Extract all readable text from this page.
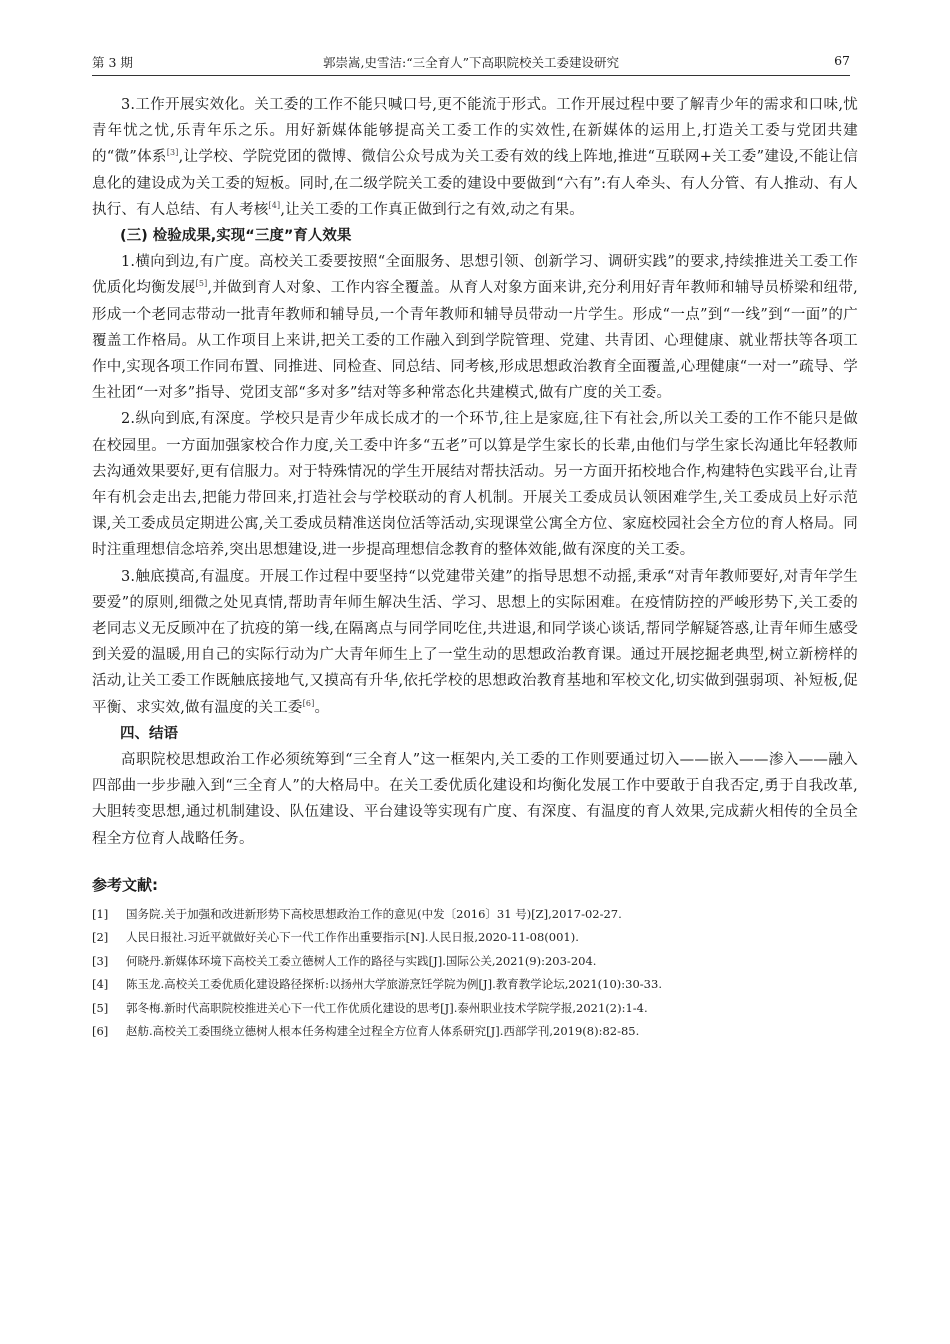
第 3 期	郭崇嵩,史雪洁:“三全育人”下高职院校关工委建设研究	67

3.工作开展实效化。关工委的工作不能只喊口号,更不能流于形式。工作开展过程中要了解青少年的需求和口味,忧青年忧之忧,乐青年乐之乐。用好新媒体能够提高关工委工作的实效性,在新媒体的运用上,打造关工委与党团共建的“微”体系[3],让学校、学院党团的微博、微信公众号成为关工委有效的线上阵地,推进“互联网+关工委”建设,不能让信息化的建设成为关工委的短板。同时,在二级学院关工委的建设中要做到“六有”:有人牵头、有人分管、有人推动、有人执行、有人总结、有人考核[4],让关工委的工作真正做到行之有效,动之有果。

(三) 检验成果,实现“三度”育人效果

1.横向到边,有广度。高校关工委要按照“全面服务、思想引领、创新学习、调研实践”的要求,持续推进关工委工作优质化均衡发展[5],并做到育人对象、工作内容全覆盖。从育人对象方面来讲,充分利用好青年教师和辅导员桥梁和纽带,形成一个老同志带动一批青年教师和辅导员,一个青年教师和辅导员带动一片学生。形成“一点”到“一线”到“一面”的广覆盖工作格局。从工作项目上来讲,把关工委的工作融入到到学院管理、党建、共青团、心理健康、就业帮扶等各项工作中,实现各项工作同布置、同推进、同检查、同总结、同考核,形成思想政治教育全面覆盖,心理健康“一对一”疏导、学生社团“一对多”指导、党团支部“多对多”结对等多种常态化共建模式,做有广度的关工委。

2.纵向到底,有深度。学校只是青少年成长成才的一个环节,往上是家庭,往下有社会,所以关工委的工作不能只是做在校园里。一方面加强家校合作力度,关工委中许多“五老”可以算是学生家长的长辈,由他们与学生家长沟通比年轻教师去沟通效果要好,更有信服力。对于特殊情况的学生开展结对帮扶活动。另一方面开拓校地合作,构建特色实践平台,让青年有机会走出去,把能力带回来,打造社会与学校联动的育人机制。开展关工委成员认领困难学生,关工委成员上好示范课,关工委成员定期进公寓,关工委成员精准送岗位活等活动,实现课堂公寓全方位、家庭校园社会全方位的育人格局。同时注重理想信念培养,突出思想建设,进一步提高理想信念教育的整体效能,做有深度的关工委。

3.触底摸高,有温度。开展工作过程中要坚持“以党建带关建”的指导思想不动摇,秉承“对青年教师要好,对青年学生要爱”的原则,细微之处见真情,帮助青年师生解决生活、学习、思想上的实际困难。在疫情防控的严峻形势下,关工委的老同志义无反顾冲在了抗疫的第一线,在隔离点与同学同吃住,共进退,和同学谈心谈话,帮同学解疑答惑,让青年师生感受到关爱的温暖,用自己的实际行动为广大青年师生上了一堂生动的思想政治教育课。通过开展挖掘老典型,树立新榜样的活动,让关工委工作既触底接地气,又摸高有升华,依托学校的思想政治教育基地和军校文化,切实做到强弱项、补短板,促平衡、求实效,做有温度的关工委[6]。

四、结语

高职院校思想政治工作必须统筹到“三全育人”这一框架内,关工委的工作则要通过切入——嵌入——渗入——融入四部曲一步步融入到“三全育人”的大格局中。在关工委优质化建设和均衡化发展工作中要敢于自我否定,勇于自我改革,大胆转变思想,通过机制建设、队伍建设、平台建设等实现有广度、有深度、有温度的育人效果,完成薪火相传的全员全程全方位育人战略任务。

参考文献:
[1]	国务院.关于加强和改进新形势下高校思想政治工作的意见(中发〔2016〕31 号)[Z],2017-02-27.
[2]	人民日报社.习近平就做好关心下一代工作作出重要指示[N].人民日报,2020-11-08(001).
[3]	何晓丹.新媒体环境下高校关工委立德树人工作的路径与实践[J].国际公关,2021(9):203-204.
[4]	陈玉龙.高校关工委优质化建设路径探析:以扬州大学旅游烹饪学院为例[J].教育教学论坛,2021(10):30-33.
[5]	郭冬梅.新时代高职院校推进关心下一代工作优质化建设的思考[J].泰州职业技术学院学报,2021(2):1-4.
[6]	赵舫.高校关工委围绕立德树人根本任务构建全过程全方位育人体系研究[J].西部学刊,2019(8):82-85.
